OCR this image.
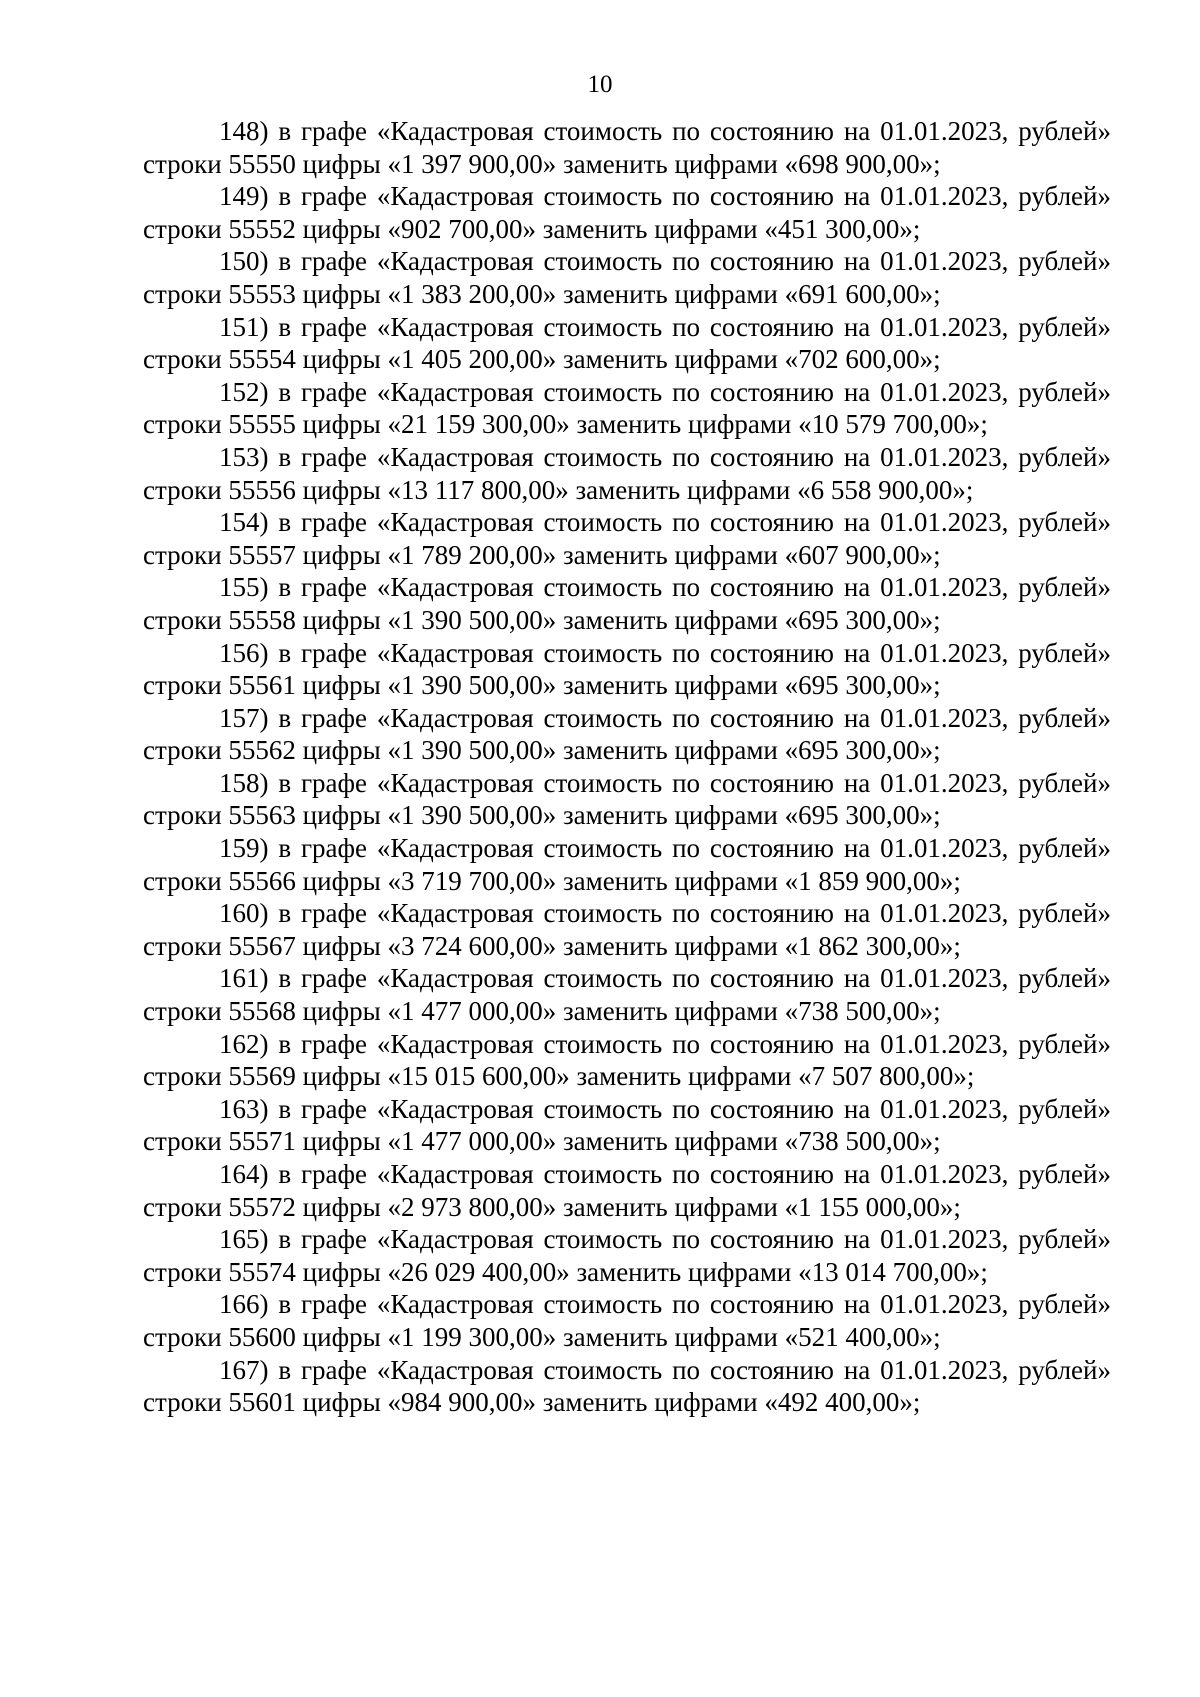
10

148) в графе «Кадастровая стоимость по состоянию на 01.01.2023, рублей» строки 55550 цифры «1 397 900,00» заменить цифрами «698 900,00»;

149) в графе «Кадастровая стоимость по состоянию на 01.01.2023, рублей» строки 55552 цифры «902 700,00» заменить цифрами «451 300,00»;

150) в графе «Кадастровая стоимость по состоянию на 01.01.2023, рублей» строки 55553 цифры «1 383 200,00» заменить цифрами «691 600,00»;

151) в графе «Кадастровая стоимость по состоянию на 01.01.2023, рублей» строки 55554 цифры «1 405 200,00» заменить цифрами «702 600,00»;

152) в графе «Кадастровая стоимость по состоянию на 01.01.2023, рублей» строки 55555 цифры «21 159 300,00» заменить цифрами «10 579 700,00»;

153) в графе «Кадастровая стоимость по состоянию на 01.01.2023, рублей» строки 55556 цифры «13 117 800,00» заменить цифрами «6 558 900,00»;

154) в графе «Кадастровая стоимость по состоянию на 01.01.2023, рублей» строки 55557 цифры «1 789 200,00» заменить цифрами «607 900,00»;

155) в графе «Кадастровая стоимость по состоянию на 01.01.2023, рублей» строки 55558 цифры «1 390 500,00» заменить цифрами «695 300,00»;

156) в графе «Кадастровая стоимость по состоянию на 01.01.2023, рублей» строки 55561 цифры «1 390 500,00» заменить цифрами «695 300,00»;

157) в графе «Кадастровая стоимость по состоянию на 01.01.2023, рублей» строки 55562 цифры «1 390 500,00» заменить цифрами «695 300,00»;

158) в графе «Кадастровая стоимость по состоянию на 01.01.2023, рублей» строки 55563 цифры «1 390 500,00» заменить цифрами «695 300,00»;

159) в графе «Кадастровая стоимость по состоянию на 01.01.2023, рублей» строки 55566 цифры «3 719 700,00» заменить цифрами «1 859 900,00»;

160) в графе «Кадастровая стоимость по состоянию на 01.01.2023, рублей» строки 55567 цифры «3 724 600,00» заменить цифрами «1 862 300,00»;

161) в графе «Кадастровая стоимость по состоянию на 01.01.2023, рублей» строки 55568 цифры «1 477 000,00» заменить цифрами «738 500,00»;

162) в графе «Кадастровая стоимость по состоянию на 01.01.2023, рублей» строки 55569 цифры «15 015 600,00» заменить цифрами «7 507 800,00»;

163) в графе «Кадастровая стоимость по состоянию на 01.01.2023, рублей» строки 55571 цифры «1 477 000,00» заменить цифрами «738 500,00»;

164) в графе «Кадастровая стоимость по состоянию на 01.01.2023, рублей» строки 55572 цифры «2 973 800,00» заменить цифрами «1 155 000,00»;

165) в графе «Кадастровая стоимость по состоянию на 01.01.2023, рублей» строки 55574 цифры «26 029 400,00» заменить цифрами «13 014 700,00»;

166) в графе «Кадастровая стоимость по состоянию на 01.01.2023, рублей» строки 55600 цифры «1 199 300,00» заменить цифрами «521 400,00»;

167) в графе «Кадастровая стоимость по состоянию на 01.01.2023, рублей» строки 55601 цифры «984 900,00» заменить цифрами «492 400,00»;
